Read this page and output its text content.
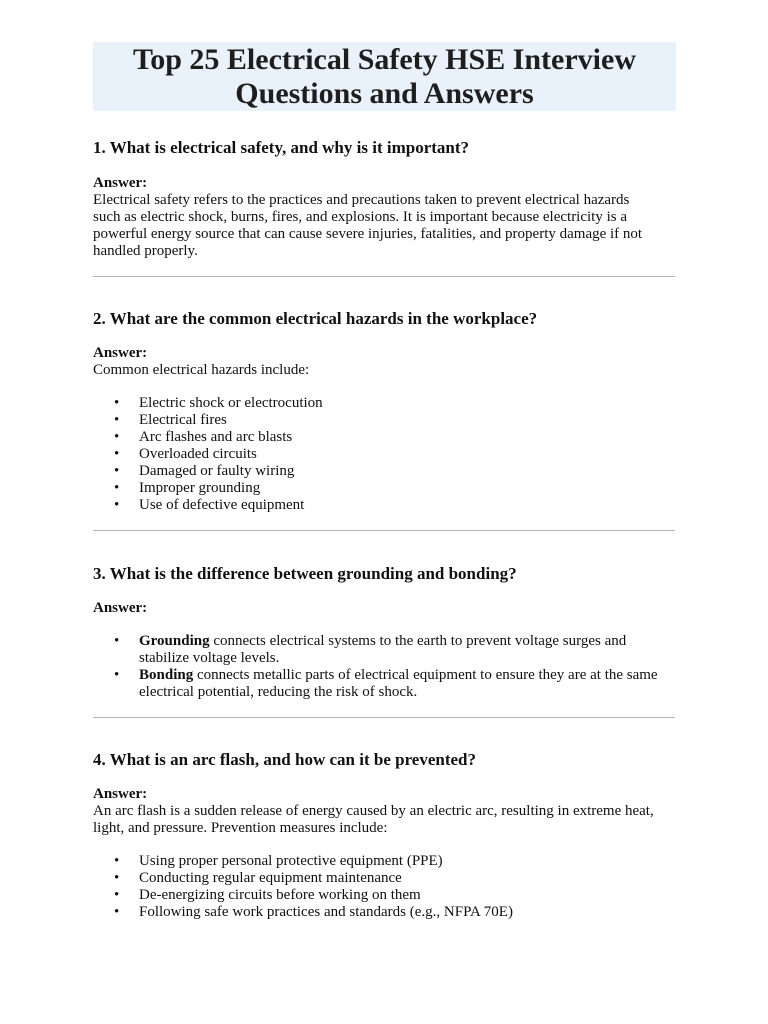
Top 25 Electrical Safety HSE Interview
Questions and Answers

1. What is electrical safety, and why is it important?

Answer:

Electrical safety refers to the practices and precautions taken to prevent electrical hazards

such as electric shock, burns, fires, and explosions. It is important because electricity is a

powerful energy source that can cause severe injuries, fatalities, and property damage if not

handled properly.

2. What are the common electrical hazards in the workplace?

Answer:

Common electrical hazards include:

• Electric shock or electrocution
• Electrical fires
• Arc flashes and arc blasts
• Overloaded circuits
• Damaged or faulty wiring
• Improper grounding
• Use of defective equipment

3. What is the difference between grounding and bonding?

Answer:

• Grounding connects electrical systems to the earth to prevent voltage surges and
stabilize voltage levels.
• Bonding connects metallic parts of electrical equipment to ensure they are at the same
electrical potential, reducing the risk of shock.

4. What is an arc flash, and how can it be prevented?

Answer:

An arc flash is a sudden release of energy caused by an electric arc, resulting in extreme heat,

light, and pressure. Prevention measures include:

• Using proper personal protective equipment (PPE)
• Conducting regular equipment maintenance
• De-energizing circuits before working on them
• Following safe work practices and standards (e.g., NFPA 70E)
